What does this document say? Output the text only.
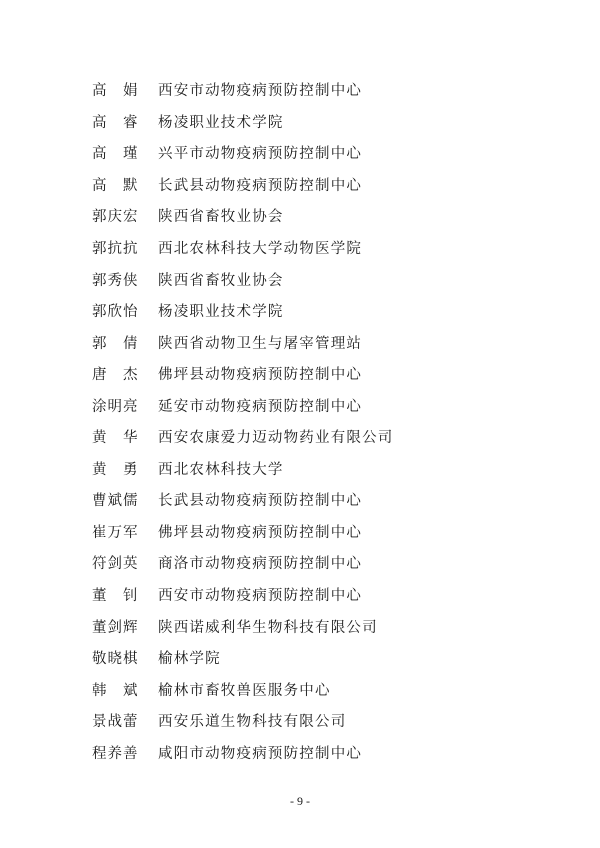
高　娟	西安市动物疫病预防控制中心
高　睿	杨凌职业技术学院
高　瑾	兴平市动物疫病预防控制中心
高　默	长武县动物疫病预防控制中心
郭庆宏	陕西省畜牧业协会
郭抗抗	西北农林科技大学动物医学院
郭秀侠	陕西省畜牧业协会
郭欣怡	杨凌职业技术学院
郭　倩	陕西省动物卫生与屠宰管理站
唐　杰	佛坪县动物疫病预防控制中心
涂明亮	延安市动物疫病预防控制中心
黄　华	西安农康爱力迈动物药业有限公司
黄　勇	西北农林科技大学
曹斌儒	长武县动物疫病预防控制中心
崔万军	佛坪县动物疫病预防控制中心
符剑英	商洛市动物疫病预防控制中心
董　钊	西安市动物疫病预防控制中心
董剑辉	陕西诺威利华生物科技有限公司
敬晓棋	榆林学院
韩　斌	榆林市畜牧兽医服务中心
景战蕾	西安乐道生物科技有限公司
程养善	咸阳市动物疫病预防控制中心
- 9 -
